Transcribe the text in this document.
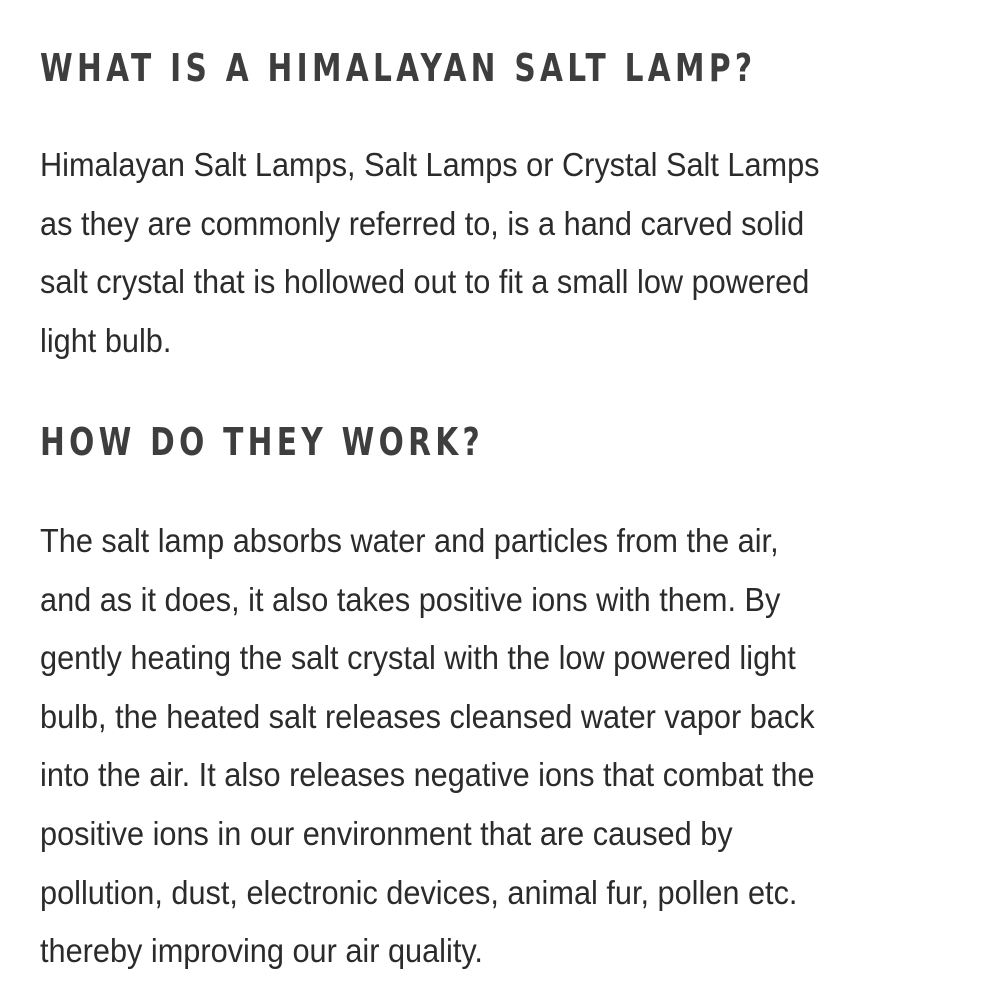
WHAT IS A HIMALAYAN SALT LAMP?

Himalayan Salt Lamps, Salt Lamps or Crystal Salt Lamps
as they are commonly referred to, is a hand carved solid
salt crystal that is hollowed out to fit a small low powered
light bulb.

HOW DO THEY WORK?

The salt lamp absorbs water and particles from the air,
and as it does, it also takes positive ions with them. By
gently heating the salt crystal with the low powered light
bulb, the heated salt releases cleansed water vapor back
into the air. It also releases negative ions that combat the
positive ions in our environment that are caused by
pollution, dust, electronic devices, animal fur, pollen etc.
thereby improving our air quality.
